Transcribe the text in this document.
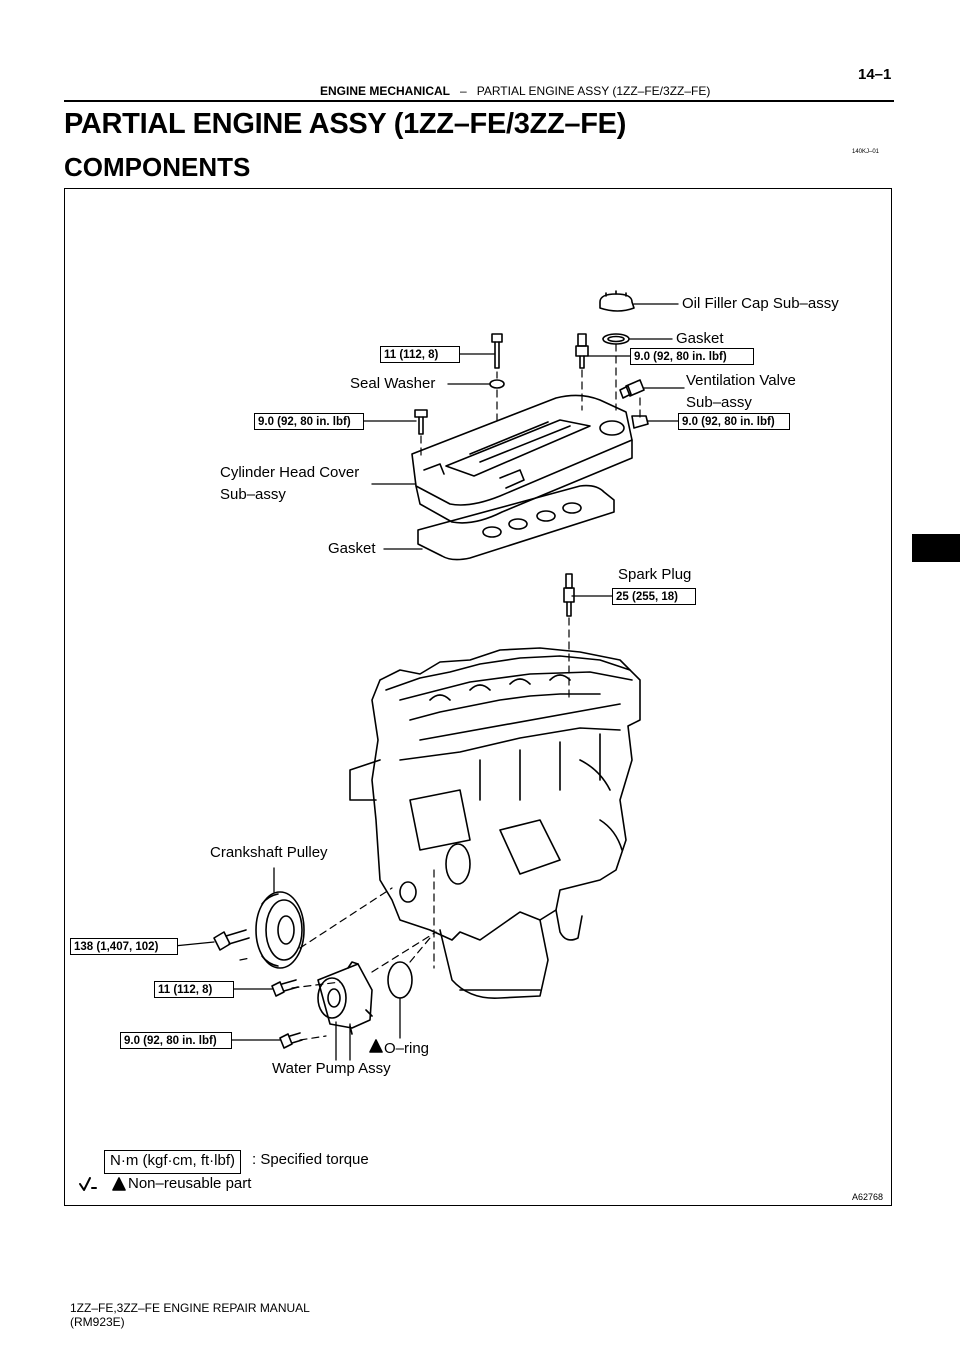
14–1
ENGINE MECHANICAL – PARTIAL ENGINE ASSY (1ZZ–FE/3ZZ–FE)
PARTIAL ENGINE ASSY (1ZZ–FE/3ZZ–FE)
COMPONENTS	140KJ–01
Oil Filler Cap Sub–assy
Gasket
Seal Washer	Ventilation Valve
Sub–assy
Cylinder Head Cover
Sub–assy
Gasket
Spark Plug
Crankshaft Pulley
O–ring
Water Pump Assy
11 (112, 8)	9.0 (92, 80 in. lbf)
9.0 (92, 80 in. lbf)	9.0 (92, 80 in. lbf)
25 (255, 18)
138 (1,407, 102)
11 (112, 8)
9.0 (92, 80 in. lbf)
N·m (kgf·cm, ft·lbf)	: Specified torque
Non–reusable part
A62768
1ZZ–FE,3ZZ–FE ENGINE REPAIR MANUAL
(RM923E)
